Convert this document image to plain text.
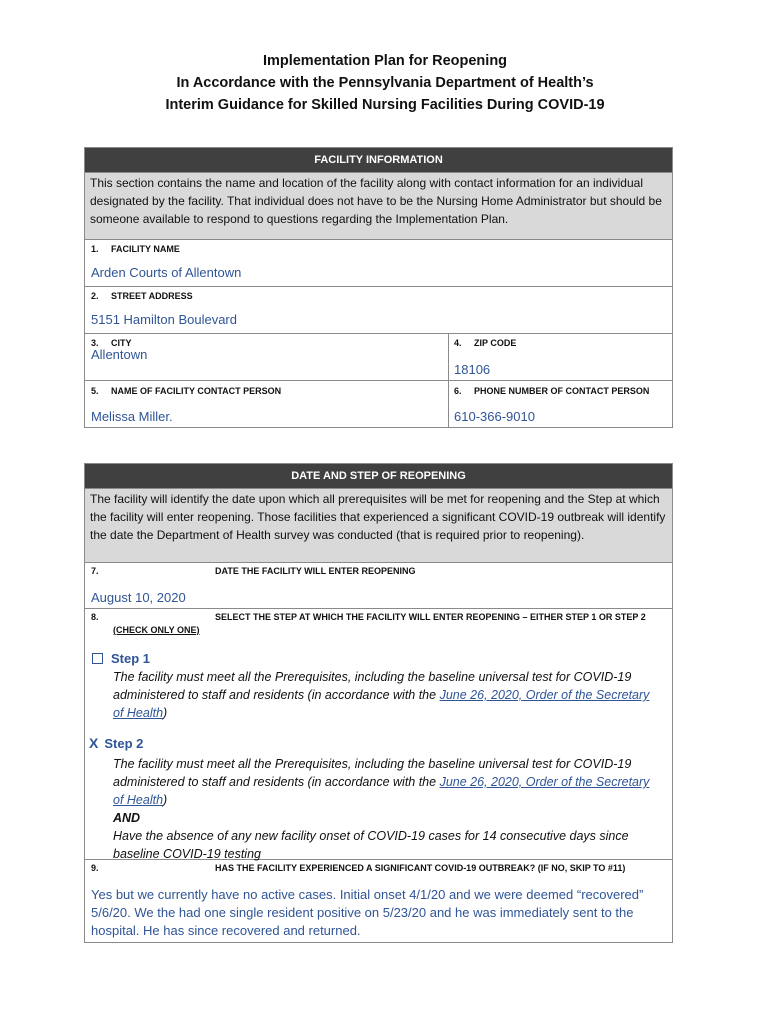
Implementation Plan for Reopening
In Accordance with the Pennsylvania Department of Health’s
Interim Guidance for Skilled Nursing Facilities During COVID-19
FACILITY INFORMATION
This section contains the name and location of the facility along with contact information for an individual designated by the facility. That individual does not have to be the Nursing Home Administrator but should be someone available to respond to questions regarding the Implementation Plan.
1.     FACILITY NAME
Arden Courts of Allentown
2.     STREET ADDRESS
5151 Hamilton Boulevard
3.     CITY
Allentown
4.     ZIP CODE
18106
5.     NAME OF FACILITY CONTACT PERSON
Melissa Miller.
6.     PHONE NUMBER OF CONTACT PERSON
610-366-9010
DATE AND STEP OF REOPENING
The facility will identify the date upon which all prerequisites will be met for reopening and the Step at which the facility will enter reopening. Those facilities that experienced a significant COVID-19 outbreak will identify the date the Department of Health survey was conducted (that is required prior to reopening).
7.	DATE THE FACILITY WILL ENTER REOPENING
August 10, 2020
8.	SELECT THE STEP AT WHICH THE FACILITY WILL ENTER REOPENING – EITHER STEP 1 OR STEP 2
(CHECK ONLY ONE)
Step 1
The facility must meet all the Prerequisites, including the baseline universal test for COVID-19 administered to staff and residents (in accordance with the June 26, 2020, Order of the Secretary of Health)
X Step 2
The facility must meet all the Prerequisites, including the baseline universal test for COVID-19 administered to staff and residents (in accordance with the June 26, 2020, Order of the Secretary of Health)
AND
Have the absence of any new facility onset of COVID-19 cases for 14 consecutive days since baseline COVID-19 testing
9.	HAS THE FACILITY EXPERIENCED A SIGNIFICANT COVID-19 OUTBREAK? (IF NO, SKIP TO #11)
Yes but we currently have no active cases. Initial onset 4/1/20 and we were deemed “recovered” 5/6/20. We the had one single resident positive on 5/23/20 and he was immediately sent to the hospital. He has since recovered and returned.
